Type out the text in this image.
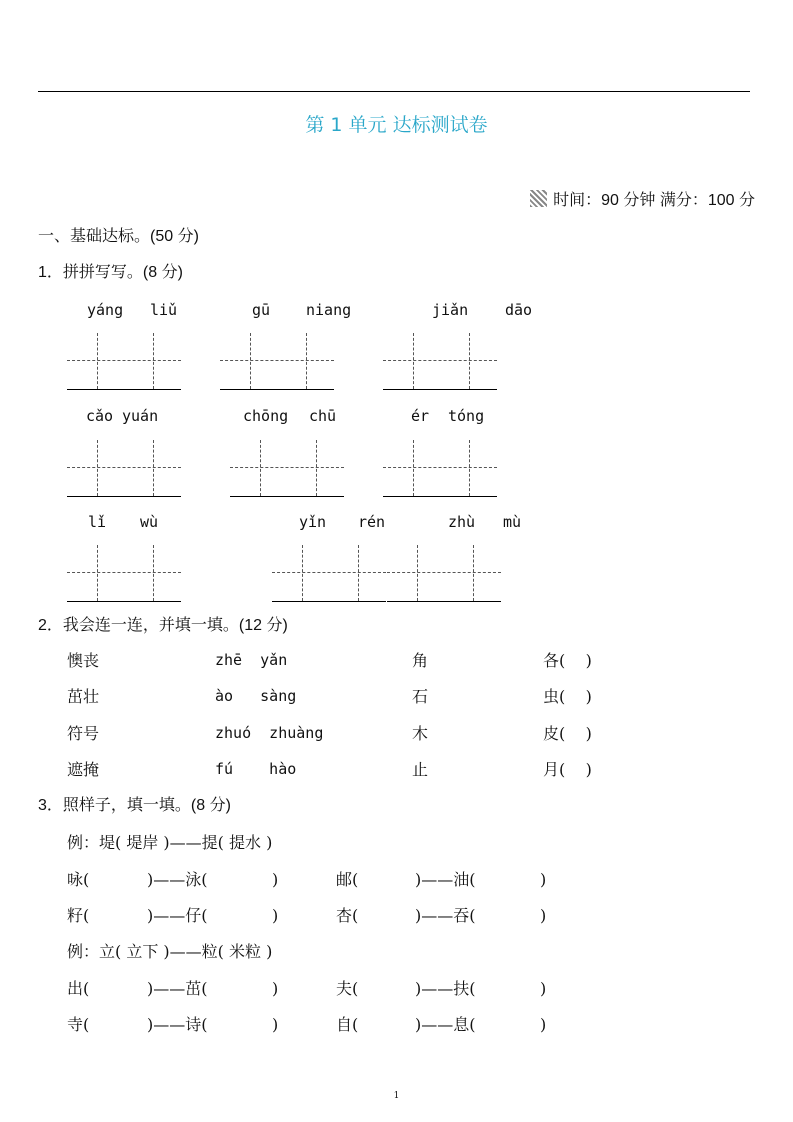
第 1 单元 达标测试卷
时间：90 分钟 满分：100 分
一、基础达标。(50 分)
1．拼拼写写。(8 分)
2．我会连一连，并填一填。(12 分)
3．照样子，填一填。(8 分)
例：堤( 堤岸 )——提( 提水 )
例：立( 立下 )——粒( 米粒 )
1
yáng liǔ	gū niang	jiǎn dāo
cǎo yuán	chōng chū	ér tóng
lǐ wù	yǐn rén	zhù mù
懊丧	zhē  yǎn	角	各(    )
茁壮	ào   sàng	石	虫(    )
符号	zhuó  zhuàng	木	皮(    )
遮掩	fú    hào	止	月(    )
咏(	)——泳(	)	邮(	)——油(	)
籽(	)——仔(	)	杏(	)——吞(	)
出(	)——茁(	)	夫(	)——扶(	)
寺(	)——诗(	)	自(	)——息(	)
